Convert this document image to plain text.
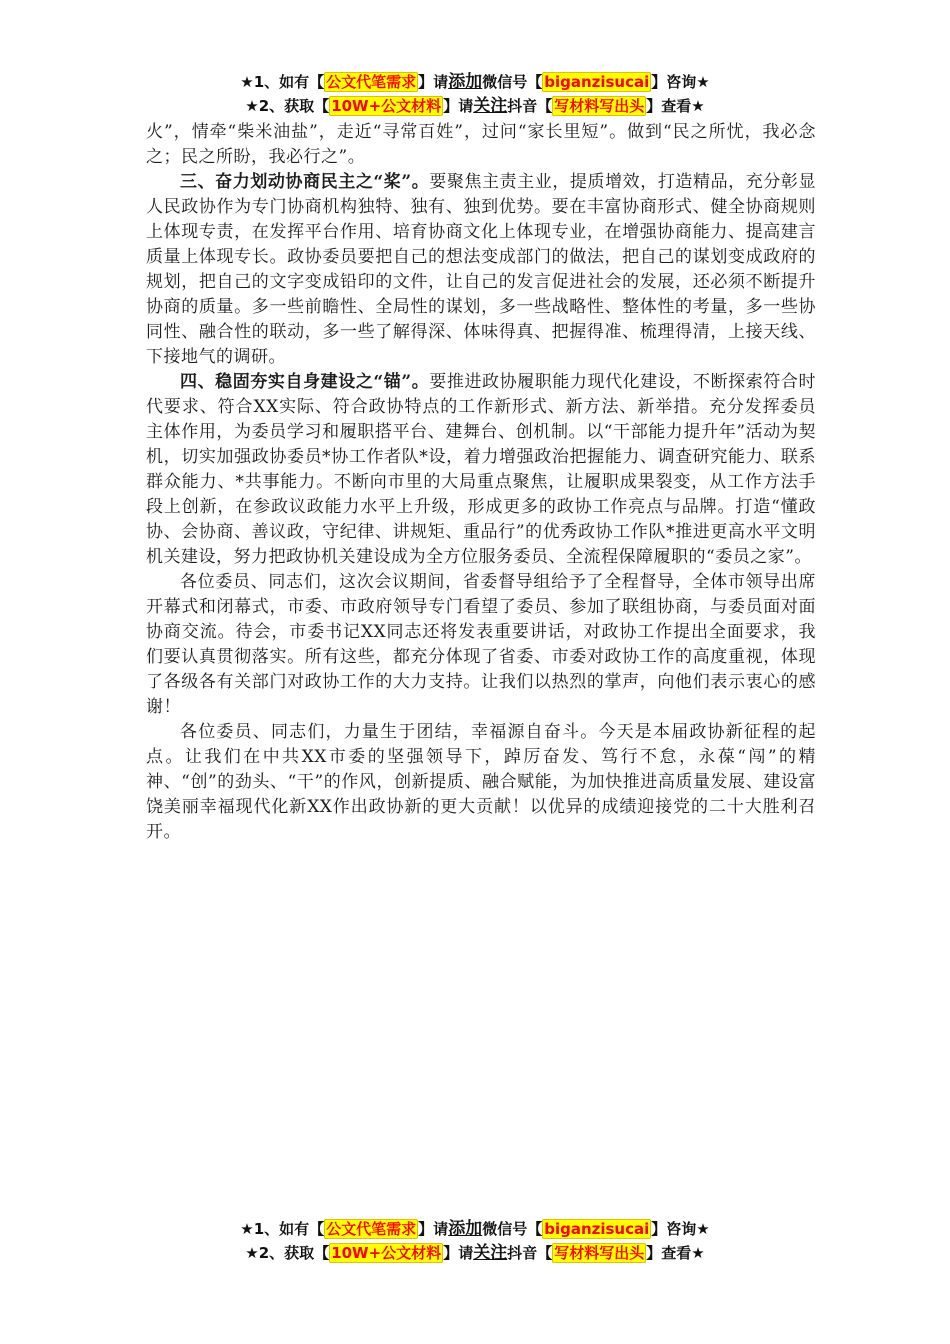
★1、如有【 公文代笔需求 】请添加微信号【 biganzisucai 】咨询★
★2、获取【 10W+公文材料 】请关注抖音【 写材料写出头 】查看★

火”，情牵“柴米油盐”，走近“寻常百姓”，过问“家长里短”。做到“民之所忧，我必念之；民之所盼，我必行之”。

三、奋力划动协商民主之“桨”。要聚焦主责主业，提质增效，打造精品，充分彰显人民政协作为专门协商机构独特、独有、独到优势。要在丰富协商形式、健全协商规则上体现专责，在发挥平台作用、培育协商文化上体现专业，在增强协商能力、提高建言质量上体现专长。政协委员要把自己的想法变成部门的做法，把自己的谋划变成政府的规划，把自己的文字变成铅印的文件，让自己的发言促进社会的发展，还必须不断提升协商的质量。多一些前瞻性、全局性的谋划，多一些战略性、整体性的考量，多一些协同性、融合性的联动，多一些了解得深、体味得真、把握得准、梳理得清，上接天线、下接地气的调研。

四、稳固夯实自身建设之“锚”。要推进政协履职能力现代化建设，不断探索符合时代要求、符合XX实际、符合政协特点的工作新形式、新方法、新举措。充分发挥委员主体作用，为委员学习和履职搭平台、建舞台、创机制。以“干部能力提升年”活动为契机，切实加强政协委员*协工作者队*设，着力增强政治把握能力、调查研究能力、联系群众能力、*共事能力。不断向市里的大局重点聚焦，让履职成果裂变，从工作方法手段上创新，在参政议政能力水平上升级，形成更多的政协工作亮点与品牌。打造“懂政协、会协商、善议政，守纪律、讲规矩、重品行”的优秀政协工作队*推进更高水平文明机关建设，努力把政协机关建设成为全方位服务委员、全流程保障履职的“委员之家”。

各位委员、同志们，这次会议期间，省委督导组给予了全程督导，全体市领导出席开幕式和闭幕式，市委、市政府领导专门看望了委员、参加了联组协商，与委员面对面协商交流。待会，市委书记XX同志还将发表重要讲话，对政协工作提出全面要求，我们要认真贯彻落实。所有这些，都充分体现了省委、市委对政协工作的高度重视，体现了各级各有关部门对政协工作的大力支持。让我们以热烈的掌声，向他们表示衷心的感谢！

各位委员、同志们，力量生于团结，幸福源自奋斗。今天是本届政协新征程的起点。让我们在中共XX市委的坚强领导下，踔厉奋发、笃行不怠，永葆“闯”的精神、“创”的劲头、“干”的作风，创新提质、融合赋能，为加快推进高质量发展、建设富饶美丽幸福现代化新XX作出政协新的更大贡献！以优异的成绩迎接党的二十大胜利召开。

★1、如有【 公文代笔需求 】请添加微信号【 biganzisucai 】咨询★
★2、获取【 10W+公文材料 】请关注抖音【 写材料写出头 】查看★
